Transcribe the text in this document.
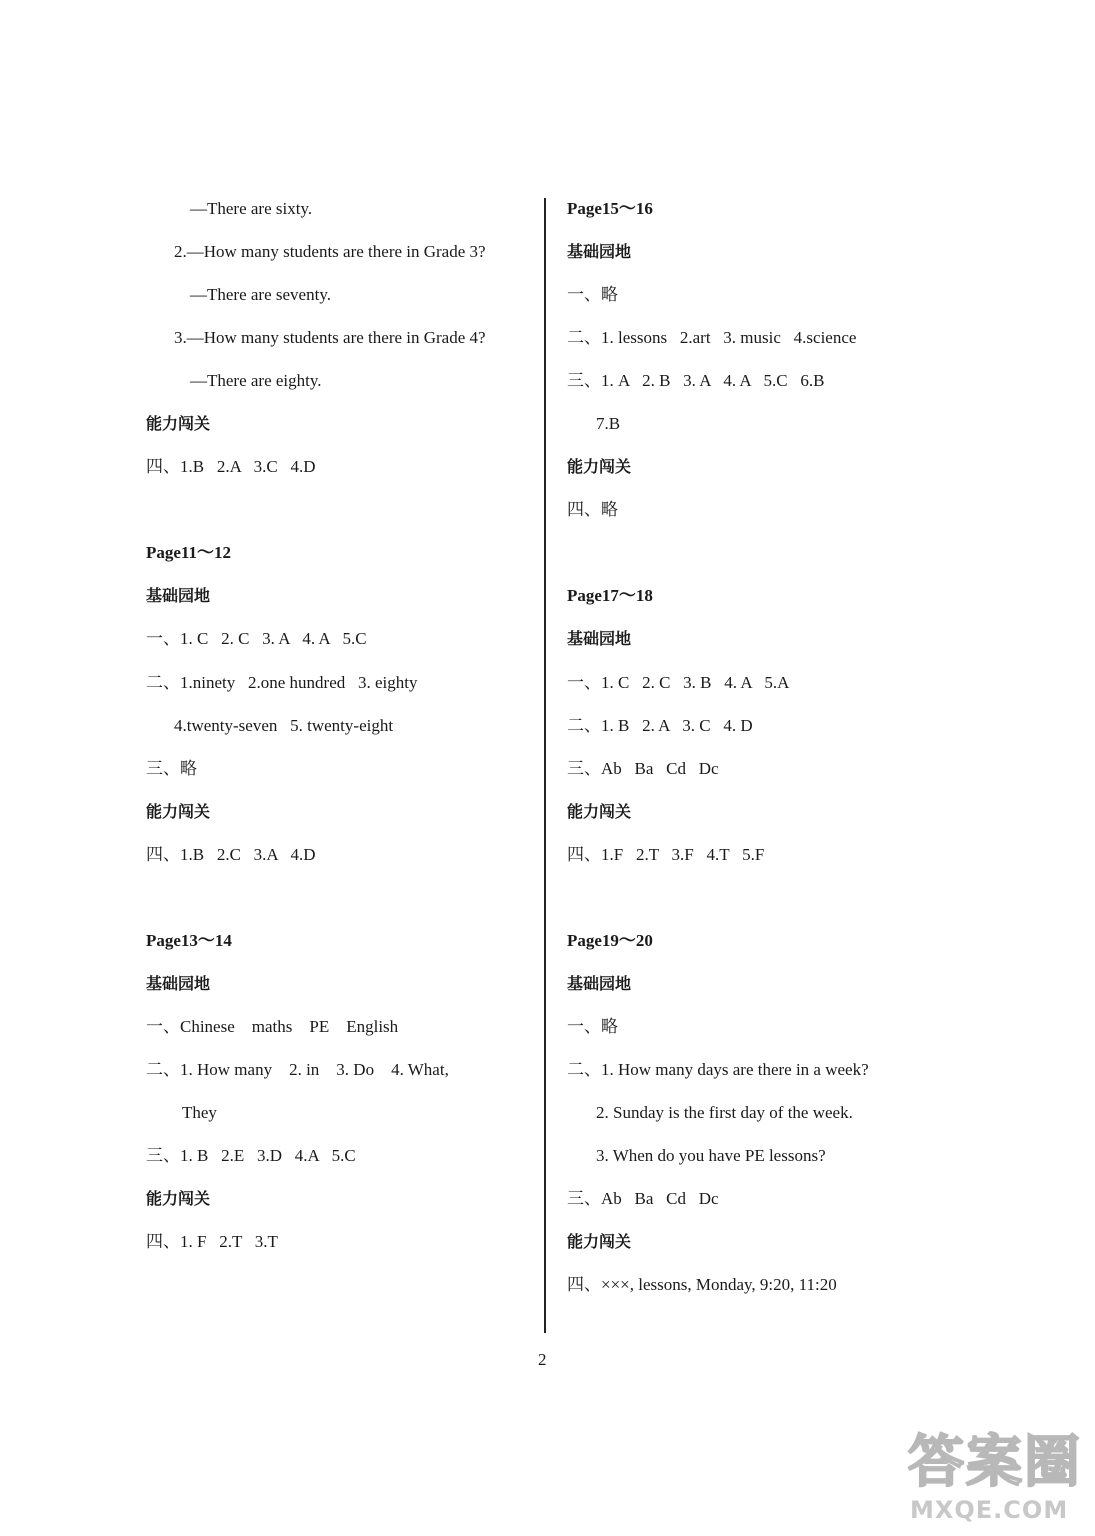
—There are sixty.
2.—How many students are there in Grade 3?
—There are seventy.
3.—How many students are there in Grade 4?
—There are eighty.
能力闯关
四、1.B   2.A   3.C   4.D
Page11～12
基础园地
一、1. C   2. C   3. A   4. A   5.C
二、1.ninety   2.one hundred   3. eighty
4.twenty-seven   5. twenty-eight
三、略
能力闯关
四、1.B   2.C   3.A   4.D
Page13～14
基础园地
一、Chinese    maths    PE    English
二、1. How many    2. in    3. Do    4. What,
They
三、1. B   2.E   3.D   4.A   5.C
能力闯关
四、1. F   2.T   3.T
Page15～16
基础园地
一、略
二、1. lessons   2.art   3. music   4.science
三、1. A   2. B   3. A   4. A   5.C   6.B
7.B
能力闯关
四、略
Page17～18
基础园地
一、1. C   2. C   3. B   4. A   5.A
二、1. B   2. A   3. C   4. D
三、Ab   Ba   Cd   Dc
能力闯关
四、1.F   2.T   3.F   4.T   5.F
Page19～20
基础园地
一、略
二、1. How many days are there in a week?
2. Sunday is the first day of the week.
3. When do you have PE lessons?
三、Ab   Ba   Cd   Dc
能力闯关
四、×××, lessons, Monday, 9:20, 11:20
2
答案圈
MXQE.COM
